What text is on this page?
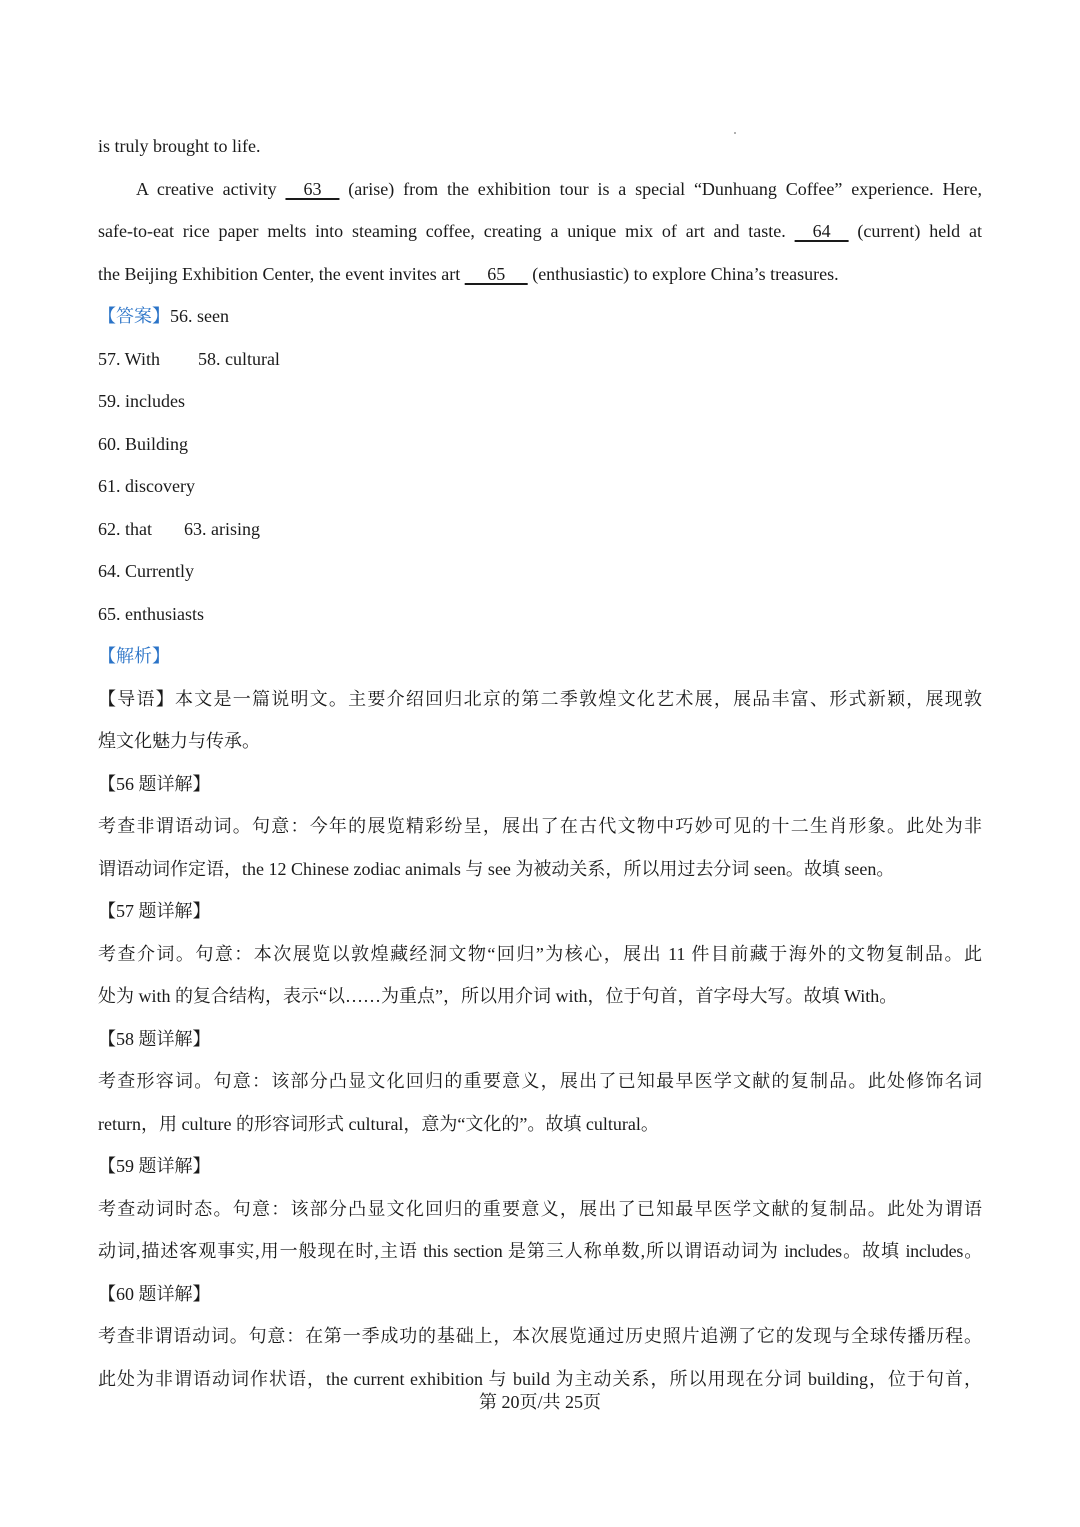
is truly brought to life.
A creative activity     63     (arise) from the exhibition tour is a special “Dunhuang Coffee” experience. Here,
safe-to-eat rice paper melts into steaming coffee, creating a unique mix of art and taste.     64     (current) held at
the Beijing Exhibition Center, the event invites art      65      (enthusiastic) to explore China’s treasures.
【答案】56. seen
57. With 58. cultural
59. includes
60. Building
61. discovery
62. that 63. arising
64. Currently
65. enthusiasts
【解析】
【导语】本文是一篇说明文。主要介绍回归北京的第二季敦煌文化艺术展，展品丰富、形式新颖，展现敦
煌文化魅力与传承。
【56 题详解】
考查非谓语动词。句意：今年的展览精彩纷呈，展出了在古代文物中巧妙可见的十二生肖形象。此处为非
谓语动词作定语，the 12 Chinese zodiac animals 与 see 为被动关系，所以用过去分词 seen。故填 seen。
【57 题详解】
考查介词。句意：本次展览以敦煌藏经洞文物“回归”为核心，展出 11 件目前藏于海外的文物复制品。此
处为 with 的复合结构，表示“以……为重点”，所以用介词 with，位于句首，首字母大写。故填 With。
【58 题详解】
考查形容词。句意：该部分凸显文化回归的重要意义，展出了已知最早医学文献的复制品。此处修饰名词
return，用 culture 的形容词形式 cultural，意为“文化的”。故填 cultural。
【59 题详解】
考查动词时态。句意：该部分凸显文化回归的重要意义，展出了已知最早医学文献的复制品。此处为谓语
动词,描述客观事实,用一般现在时,主语 this section 是第三人称单数,所以谓语动词为 includes。故填 includes。
【60 题详解】
考查非谓语动词。句意：在第一季成功的基础上，本次展览通过历史照片追溯了它的发现与全球传播历程。
此处为非谓语动词作状语，the current exhibition 与 build 为主动关系，所以用现在分词 building，位于句首，
第 20页/共 25页
